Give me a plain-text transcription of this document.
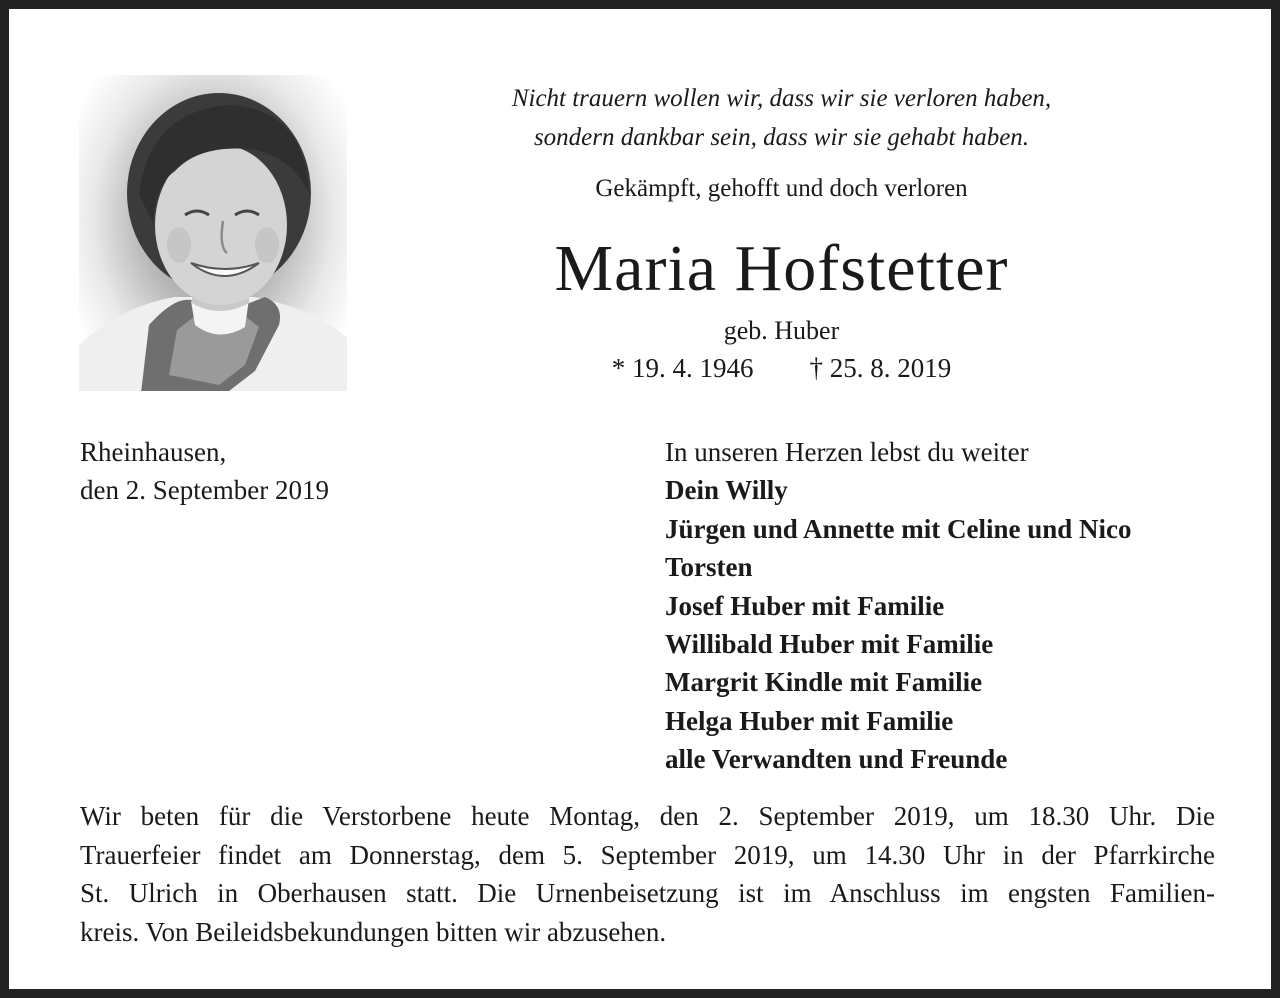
Nicht trauern wollen wir, dass wir sie verloren haben,
sondern dankbar sein, dass wir sie gehabt haben.
Gekämpft, gehofft und doch verloren
Maria Hofstetter
geb. Huber
* 19. 4. 1946 † 25. 8. 2019
Rheinhausen,
den 2. September 2019
In unseren Herzen lebst du weiter
Dein Willy
Jürgen und Annette mit Celine und Nico
Torsten
Josef Huber mit Familie
Willibald Huber mit Familie
Margrit Kindle mit Familie
Helga Huber mit Familie
alle Verwandten und Freunde
Wir beten für die Verstorbene heute Montag, den 2. September 2019, um 18.30 Uhr. Die
Trauerfeier findet am Donnerstag, dem 5. September 2019, um 14.30 Uhr in der Pfarrkirche
St. Ulrich in Oberhausen statt. Die Urnenbeisetzung ist im Anschluss im engsten Familien-
kreis. Von Beileidsbekundungen bitten wir abzusehen.
